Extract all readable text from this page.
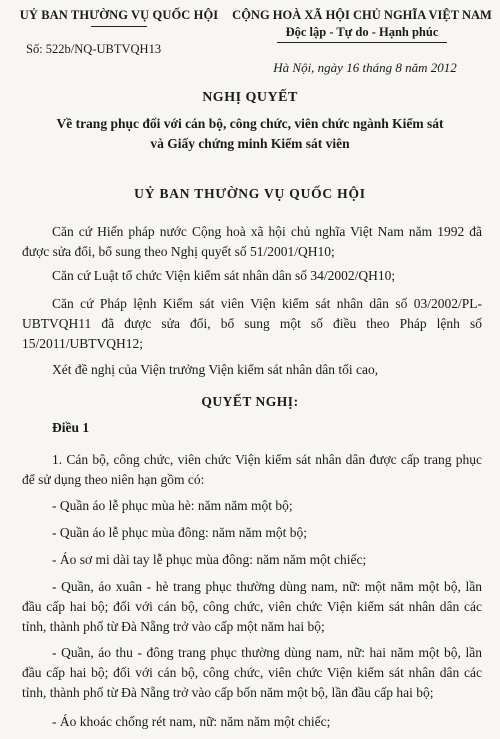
UỶ BAN THƯỜNG VỤ QUỐC HỘI
Số: 522b/NQ-UBTVQH13
CỘNG HOÀ XÃ HỘI CHỦ NGHĨA VIỆT NAM
Độc lập - Tự do - Hạnh phúc
Hà Nội, ngày 16 tháng 8 năm 2012
NGHỊ QUYẾT
Về trang phục đối với cán bộ, công chức, viên chức ngành Kiểm sát
và Giấy chứng minh Kiểm sát viên
UỶ BAN THƯỜNG VỤ QUỐC HỘI

Căn cứ Hiến pháp nước Cộng hoà xã hội chủ nghĩa Việt Nam năm 1992 đã được sửa đổi, bổ sung theo Nghị quyết số 51/2001/QH10;

Căn cứ Luật tổ chức Viện kiểm sát nhân dân số 34/2002/QH10;

Căn cứ Pháp lệnh Kiểm sát viên Viện kiểm sát nhân dân số 03/2002/PL-UBTVQH11 đã được sửa đổi, bổ sung một số điều theo Pháp lệnh số 15/2011/UBTVQH12;

Xét đề nghị của Viện trưởng Viện kiểm sát nhân dân tối cao,

QUYẾT NGHỊ:
Điều 1

1. Cán bộ, công chức, viên chức Viện kiểm sát nhân dân được cấp trang phục để sử dụng theo niên hạn gồm có:

- Quần áo lễ phục mùa hè: năm năm một bộ;

- Quần áo lễ phục mùa đông: năm năm một bộ;

- Áo sơ mi dài tay lễ phục mùa đông: năm năm một chiếc;

- Quần, áo xuân - hè trang phục thường dùng nam, nữ: một năm một bộ, lần đầu cấp hai bộ; đối với cán bộ, công chức, viên chức Viện kiểm sát nhân dân các tỉnh, thành phố từ Đà Nẵng trở vào cấp một năm hai bộ;

- Quần, áo thu - đông trang phục thường dùng nam, nữ: hai năm một bộ, lần đầu cấp hai bộ; đối với cán bộ, công chức, viên chức Viện kiểm sát nhân dân các tỉnh, thành phố từ Đà Nẵng trở vào cấp bốn năm một bộ, lần đầu cấp hai bộ;

- Áo khoác chống rét nam, nữ: năm năm một chiếc;
